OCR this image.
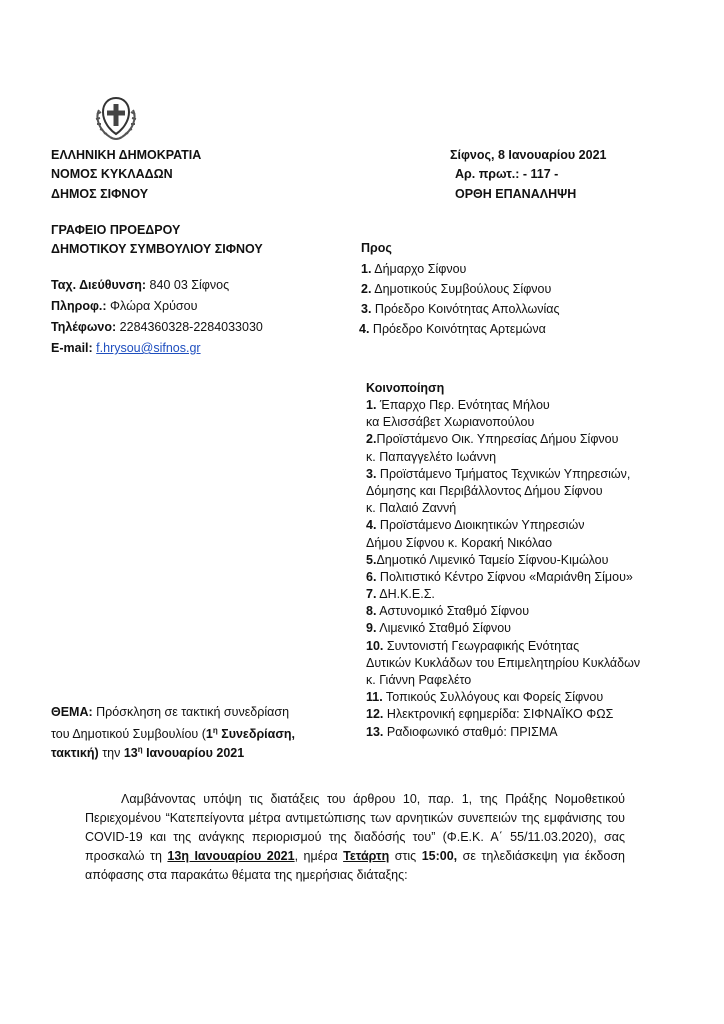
ΕΛΛΗΝΙΚΗ ΔΗΜΟΚΡΑΤΙΑ
ΝΟΜΟΣ ΚΥΚΛΑΔΩΝ
ΔΗΜΟΣ ΣΙΦΝΟΥ
Σίφνος, 8 Ιανουαρίου 2021
Αρ. πρωτ.: - 117 -
ΟΡΘΗ ΕΠΑΝΑΛΗΨΗ
ΓΡΑΦΕΙΟ ΠΡΟΕΔΡΟΥ
ΔΗΜΟΤΙΚΟΥ ΣΥΜΒΟΥΛΙΟΥ ΣΙΦΝΟΥ
Ταχ. Διεύθυνση: 840 03 Σίφνος
Πληροφ.: Φλώρα Χρύσου
Τηλέφωνο: 2284360328-2284033030
E-mail: f.hrysou@sifnos.gr
Προς
1. Δήμαρχο Σίφνου
2. Δημοτικούς Συμβούλους Σίφνου
3. Πρόεδρο Κοινότητας Απολλωνίας
4. Πρόεδρο Κοινότητας Αρτεμώνα
Κοινοποίηση
1. Έπαρχο Περ. Ενότητας Μήλου
κα Ελισσάβετ Χωριανοπούλου
2.Προϊστάμενο Οικ. Υπηρεσίας Δήμου Σίφνου
κ. Παπαγγελέτο Ιωάννη
3. Προϊστάμενο Τμήματος Τεχνικών Υπηρεσιών,
Δόμησης και Περιβάλλοντος Δήμου Σίφνου
κ. Παλαιό Ζαννή
4. Προϊστάμενο Διοικητικών Υπηρεσιών
Δήμου Σίφνου κ. Κορακή Νικόλαο
5.Δημοτικό Λιμενικό Ταμείο Σίφνου-Κιμώλου
6. Πολιτιστικό Κέντρο Σίφνου «Μαριάνθη Σίμου»
7. ΔΗ.Κ.Ε.Σ.
8. Αστυνομικό Σταθμό Σίφνου
9. Λιμενικό Σταθμό Σίφνου
10. Συντονιστή Γεωγραφικής Ενότητας
Δυτικών Κυκλάδων του Επιμελητηρίου Κυκλάδων
κ. Γιάννη Ραφελέτο
11. Τοπικούς Συλλόγους και Φορείς Σίφνου
12. Ηλεκτρονική εφημερίδα: ΣΙΦΝΑΪΚΟ ΦΩΣ
13. Ραδιοφωνικό σταθμό: ΠΡΙΣΜΑ
ΘΕΜΑ: Πρόσκληση σε τακτική συνεδρίαση
του Δημοτικού Συμβουλίου ($1^\eta$ Συνεδρίαση,
τακτική) την $13^\eta$ Ιανουαρίου 2021
Λαμβάνοντας υπόψη τις διατάξεις του άρθρου 10, παρ. 1, της Πράξης Νομοθετικού Περιεχομένου “Κατεπείγοντα μέτρα αντιμετώπισης των αρνητικών συνεπειών της εμφάνισης του COVID-19 και της ανάγκης περιορισμού της διαδόσής του” (Φ.Ε.Κ. Α΄ 55/11.03.2020), σας προσκαλώ τη 13η Ιανουαρίου 2021, ημέρα Τετάρτη στις 15:00, σε τηλεδιάσκεψη για έκδοση απόφασης στα παρακάτω θέματα της ημερήσιας διάταξης:
